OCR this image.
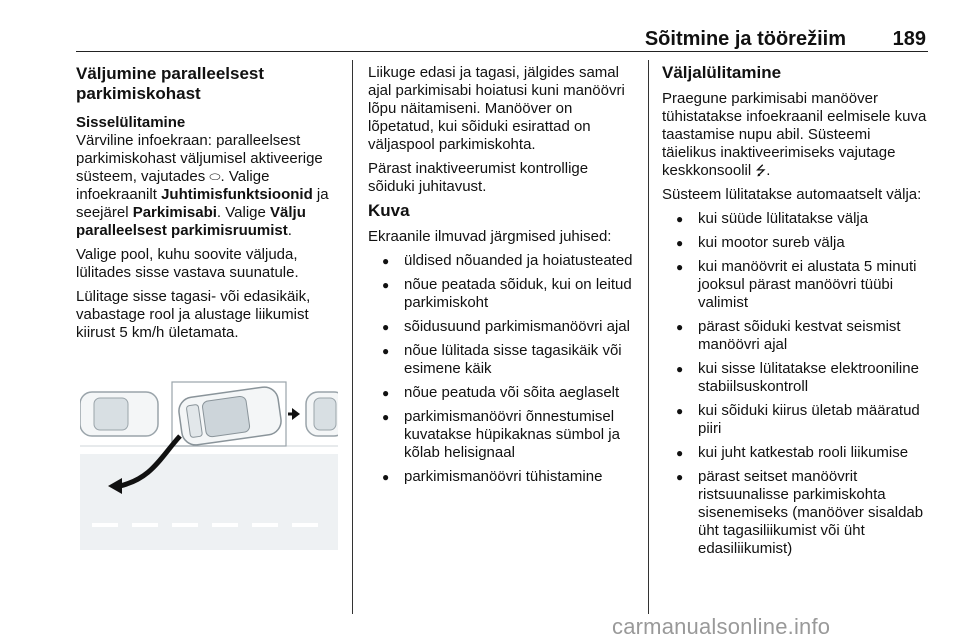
Sõitmine ja töörežiim 189
Väljumine paralleelsest parkimiskohast
Sisselülitamine

Värviline infoekraan: paralleelsest parkimiskohast väljumisel aktiveerige süsteem, vajutades ⬭. Valige infoekraanilt Juhtimisfunktsioonid ja seejärel Parkimisabi. Valige Välju paralleelsest parkimisruumist.

Valige pool, kuhu soovite väljuda, lülitades sisse vastava suunatule.

Lülitage sisse tagasi- või edasikäik, vabastage rool ja alustage liikumist kiirust 5 km/h ületamata.

Liikuge edasi ja tagasi, jälgides samal ajal parkimisabi hoiatusi kuni manöövri lõpu näitamiseni. Manööver on lõpetatud, kui sõiduki esirattad on väljaspool parkimiskohta.

Pärast inaktiveerumist kontrollige sõiduki juhitavust.

Kuva

Ekraanile ilmuvad järgmised juhised:

● üldised nõuanded ja hoiatusteated
● nõue peatada sõiduk, kui on leitud parkimiskoht
● sõidusuund parkimismanöövri ajal
● nõue lülitada sisse tagasikäik või esimene käik
● nõue peatuda või sõita aeglaselt
● parkimismanöövri õnnestumisel kuvatakse hüpikaknas sümbol ja kõlab helisignaal
● parkimismanöövri tühistamine
Väljalülitamine

Praegune parkimisabi manööver tühistatakse infoekraanil eelmisele kuva taastamise nupu abil. Süsteemi täielikus inaktiveerimiseks vajutage keskkonsoolil ⭍.

Süsteem lülitatakse automaatselt välja:

● kui süüde lülitatakse välja
● kui mootor sureb välja
● kui manöövrit ei alustata 5 minuti jooksul pärast manöövri tüübi valimist
● pärast sõiduki kestvat seismist manöövri ajal
● kui sisse lülitatakse elektrooniline stabiilsuskontroll
● kui sõiduki kiirus ületab määratud piiri
● kui juht katkestab rooli liikumise
● pärast seitset manöövrit ristsuunalisse parkimiskohta sisenemiseks (manööver sisaldab üht tagasiliikumist või üht edasiliikumist)
carmanualsonline.info
